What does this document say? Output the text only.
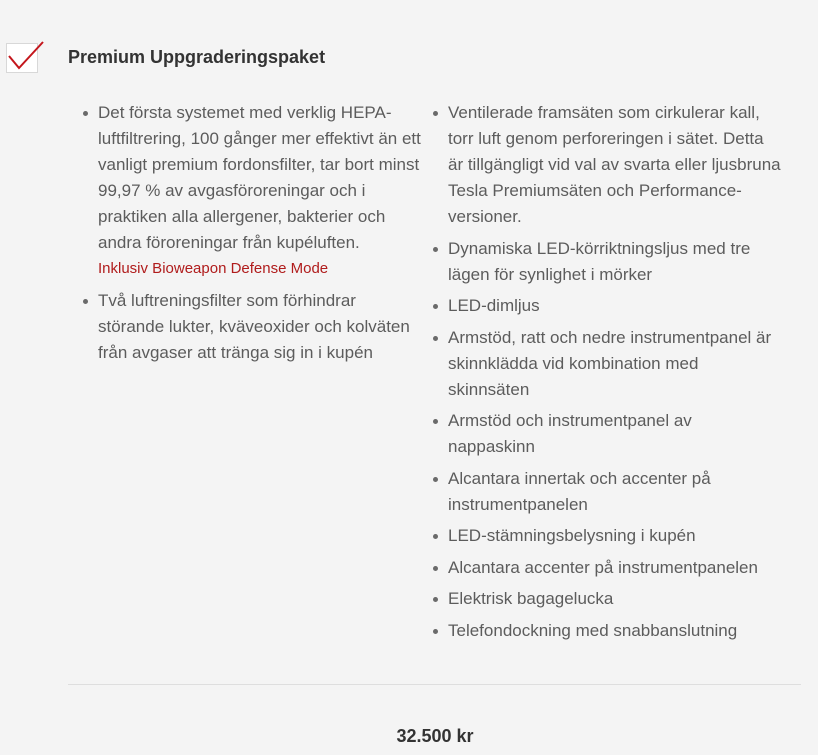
Premium Uppgraderingspaket
Det första systemet med verklig HEPA-luftfiltrering, 100 gånger mer effektivt än ett vanligt premium fordonsfilter, tar bort minst 99,97 % av avgasföroreningar och i praktiken alla allergener, bakterier och andra föroreningar från kupéluften.
Inklusiv Bioweapon Defense Mode
Två luftreningsfilter som förhindrar störande lukter, kväveoxider och kolväten från avgaser att tränga sig in i kupén
Ventilerade framsäten som cirkulerar kall, torr luft genom perforeringen i sätet. Detta är tillgängligt vid val av svarta eller ljusbruna Tesla Premiumsäten och Performance-versioner.
Dynamiska LED-körriktningsljus med tre lägen för synlighet i mörker
LED-dimljus
Armstöd, ratt och nedre instrumentpanel är skinnklädda vid kombination med skinnsäten
Armstöd och instrumentpanel av nappaskinn
Alcantara innertak och accenter på instrumentpanelen
LED-stämningsbelysning i kupén
Alcantara accenter på instrumentpanelen
Elektrisk bagagelucka
Telefondockning med snabbanslutning
32.500 kr
